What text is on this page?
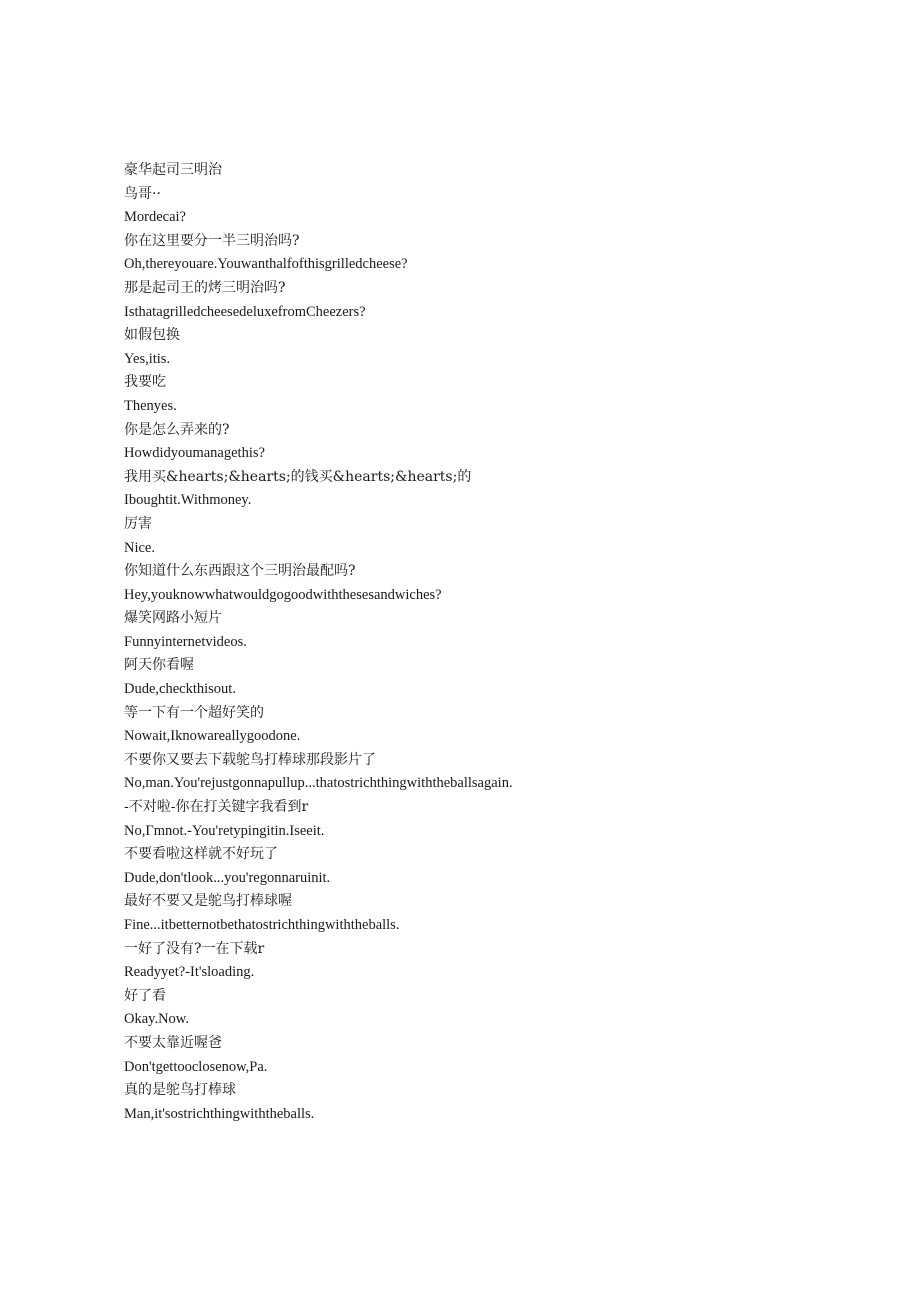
豪华起司三明治
鸟哥··
Mordecai?
你在这里要分一半三明治吗?
Oh,thereyouare.Youwanthalfofthisgrilledcheese?
那是起司王的烤三明治吗?
IsthatagrilledcheesedeluxefromCheezers?
如假包换
Yes,itis.
我要吃
Thenyes.
你是怎么弄来的?
Howdidyoumanagethis?
我用买&hearts;&hearts;的钱买&hearts;&hearts;的
Iboughtit.Withmoney.
厉害
Nice.
你知道什么东西跟这个三明治最配吗?
Hey,youknowwhatwouldgogoodwiththesesandwiches?
爆笑网路小短片
Funnyinternetvideos.
阿天你看喔
Dude,checkthisout.
等一下有一个超好笑的
Nowait,Iknowareallygoodone.
不要你又要去下载鸵鸟打棒球那段影片了
No,man.You'rejustgonnapullup...thatostrichthingwiththeballsagain.
-不对啦-你在打关键字我看到r
No,Γmnot.-You'retypingitin.Iseeit.
不要看啦这样就不好玩了
Dude,don'tlook...you'regonnaruinit.
最好不要又是鸵鸟打棒球喔
Fine...itbetternotbethatostrichthingwiththeballs.
一好了没有?一在下载r
Readyyet?-It'sloading.
好了看
Okay.Now.
不要太靠近喔爸
Don'tgettooclosenow,Pa.
真的是鸵鸟打棒球
Man,it'sostrichthingwiththeballs.
